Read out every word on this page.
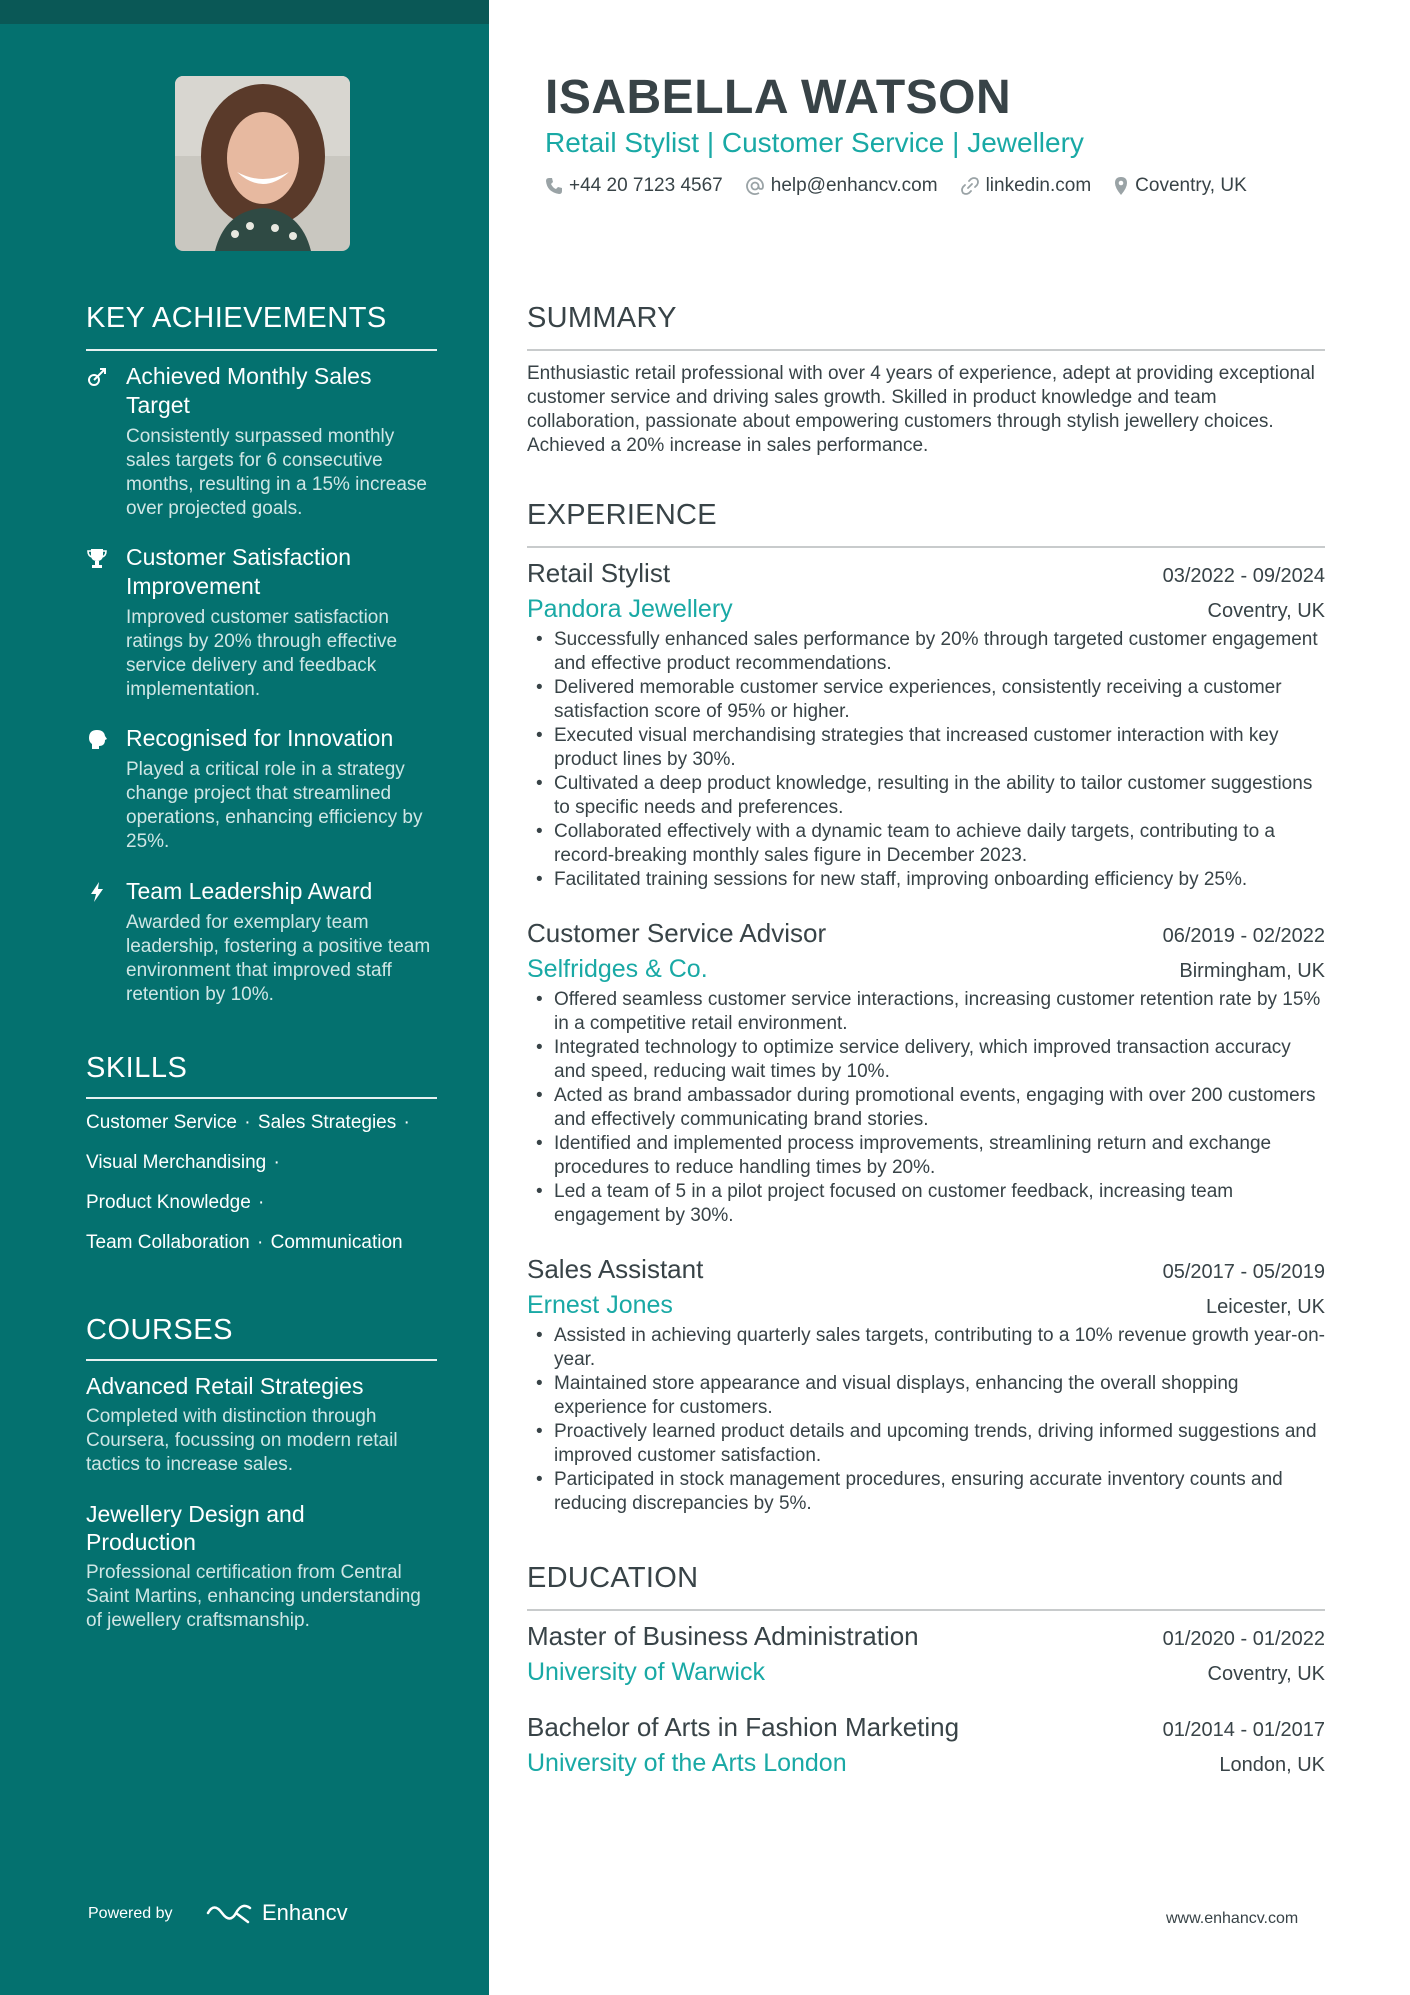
KEY ACHIEVEMENTS
Achieved Monthly Sales Target
Consistently surpassed monthly sales targets for 6 consecutive months, resulting in a 15% increase over projected goals.
Customer Satisfaction Improvement
Improved customer satisfaction ratings by 20% through effective service delivery and feedback implementation.
Recognised for Innovation
Played a critical role in a strategy change project that streamlined operations, enhancing efficiency by 25%.
Team Leadership Award
Awarded for exemplary team leadership, fostering a positive team environment that improved staff retention by 10%.
SKILLS
Customer Service · Sales Strategies ·
Visual Merchandising ·
Product Knowledge ·
Team Collaboration · Communication
COURSES
Advanced Retail Strategies
Completed with distinction through Coursera, focussing on modern retail tactics to increase sales.
Jewellery Design and Production
Professional certification from Central Saint Martins, enhancing understanding of jewellery craftsmanship.
Powered by	Enhancv
ISABELLA WATSON
Retail Stylist | Customer Service | Jewellery
+44 20 7123 4567	help@enhancv.com	linkedin.com Coventry, UK
SUMMARY
Enthusiastic retail professional with over 4 years of experience, adept at providing exceptional customer service and driving sales growth. Skilled in product knowledge and team collaboration, passionate about empowering customers through stylish jewellery choices. Achieved a 20% increase in sales performance.
EXPERIENCE
Retail Stylist	03/2022 - 09/2024
Pandora Jewellery	Coventry, UK
• Successfully enhanced sales performance by 20% through targeted customer engagement and effective product recommendations.
• Delivered memorable customer service experiences, consistently receiving a customer satisfaction score of 95% or higher.
• Executed visual merchandising strategies that increased customer interaction with key product lines by 30%.
• Cultivated a deep product knowledge, resulting in the ability to tailor customer suggestions to specific needs and preferences.
• Collaborated effectively with a dynamic team to achieve daily targets, contributing to a record-breaking monthly sales figure in December 2023.
• Facilitated training sessions for new staff, improving onboarding efficiency by 25%.
Customer Service Advisor	06/2019 - 02/2022
Selfridges & Co.	Birmingham, UK
• Offered seamless customer service interactions, increasing customer retention rate by 15% in a competitive retail environment.
• Integrated technology to optimize service delivery, which improved transaction accuracy and speed, reducing wait times by 10%.
• Acted as brand ambassador during promotional events, engaging with over 200 customers and effectively communicating brand stories.
• Identified and implemented process improvements, streamlining return and exchange procedures to reduce handling times by 20%.
• Led a team of 5 in a pilot project focused on customer feedback, increasing team engagement by 30%.
Sales Assistant	05/2017 - 05/2019
Ernest Jones	Leicester, UK
• Assisted in achieving quarterly sales targets, contributing to a 10% revenue growth year-on-year.
• Maintained store appearance and visual displays, enhancing the overall shopping experience for customers.
• Proactively learned product details and upcoming trends, driving informed suggestions and improved customer satisfaction.
• Participated in stock management procedures, ensuring accurate inventory counts and reducing discrepancies by 5%.
EDUCATION
Master of Business Administration	01/2020 - 01/2022
University of Warwick	Coventry, UK
Bachelor of Arts in Fashion Marketing	01/2014 - 01/2017
University of the Arts London	London, UK
www.enhancv.com
